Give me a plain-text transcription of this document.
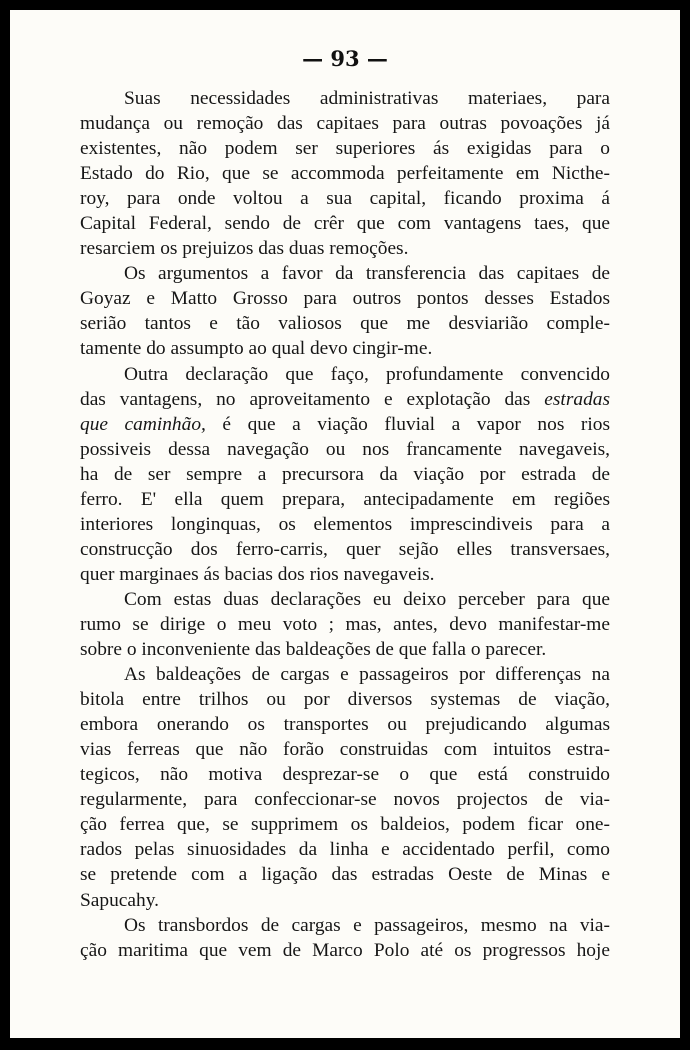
— 93 —
Suas necessidades administrativas materiaes, para
mudança ou remoção das capitaes para outras povoações já
existentes, não podem ser superiores ás exigidas para o
Estado do Rio, que se accommoda perfeitamente em Nicthe-
roy, para onde voltou a sua capital, ficando proxima á
Capital Federal, sendo de crêr que com vantagens taes, que
resarciem os prejuizos das duas remoções.
Os argumentos a favor da transferencia das capitaes de
Goyaz e Matto Grosso para outros pontos desses Estados
serião tantos e tão valiosos que me desviarião comple-
tamente do assumpto ao qual devo cingir-me.
Outra declaração que faço, profundamente convencido
das vantagens, no aproveitamento e explotação das estradas
que caminhão, é que a viação fluvial a vapor nos rios
possiveis dessa navegação ou nos francamente navegaveis,
ha de ser sempre a precursora da viação por estrada de
ferro. E' ella quem prepara, antecipadamente em regiões
interiores longinquas, os elementos imprescindiveis para a
construcção dos ferro-carris, quer sejão elles transversaes,
quer marginaes ás bacias dos rios navegaveis.
Com estas duas declarações eu deixo perceber para que
rumo se dirige o meu voto ; mas, antes, devo manifestar-me
sobre o inconveniente das baldeações de que falla o parecer.
As baldeações de cargas e passageiros por differenças na
bitola entre trilhos ou por diversos systemas de viação,
embora onerando os transportes ou prejudicando algumas
vias ferreas que não forão construidas com intuitos estra-
tegicos, não motiva desprezar-se o que está construido
regularmente, para confeccionar-se novos projectos de via-
ção ferrea que, se supprimem os baldeios, podem ficar one-
rados pelas sinuosidades da linha e accidentado perfil, como
se pretende com a ligação das estradas Oeste de Minas e
Sapucahy.
Os transbordos de cargas e passageiros, mesmo na via-
ção maritima que vem de Marco Polo até os progressos hoje
